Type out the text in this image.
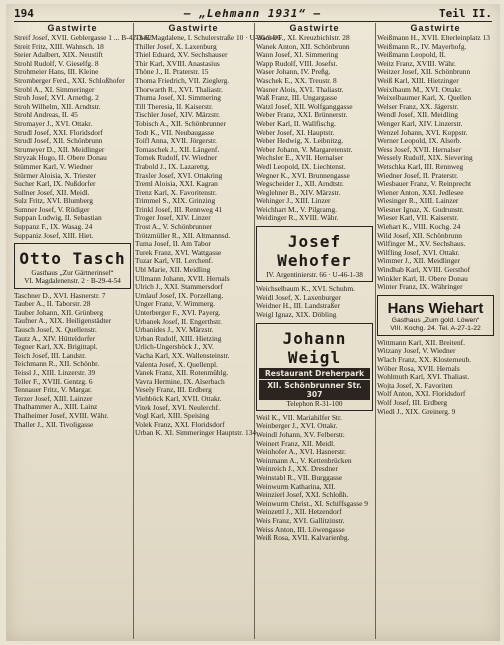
194	– „Lehmann 1931“ –	Teil II.
Gastwirte
Streif Josef, XVII. Geblergasse 1 ... B-42-3-62
Streit Fritz, XIII. Wahnsch. 18
Steier Adalbert, XIX. Neustift
Strohl Rudolf, V. Gieselfg. 8
Strohmeier Hans, III. Kleine
Stromberger Ferd., XXI. Schloßhofer
Strobl A., XI. Simmeringer
Stroh Josef, XVI. Arnethg. 2
Stroh Wilhelm, XII. Arndtstr.
Strohl Andreas, II. 45
Stromayer J., XVI. Ottakr.
Strudl Josef, XXI. Floridsdorf
Strudl Josef, XII. Schönbrunn
Strumeyer D., XII. Meidlinger
Stryzak Hugo, II. Obere Donau
Stümmer Karl, V. Wiedner
Stürmer Aloisia, X. Triester
Sucher Karl, IX. Nußdorfer
Sullner Josef, XII. Meidl.
Sulz Fritz, XVI. Blumberg
Sumner Josef, V. Rüdiger
Suppan Ludwig, II. Sebastian
Suppanz F., IX. Wasag. 24
Suppaniz Josef, XIII. Hiet.
Otto Tasch
Gasthaus „Zur Gärtnerinsel“
VI. Magdalenenstr. 2 · B-29-4-54
Taschner D., XVI. Hasnerstr. 7
Tauber A., II. Taborstr. 28
Tauber Johann, XII. Grünberg
Taufner A., XIX. Heiligenstädter
Tausch Josef, X. Quellenstr.
Tautz A., XIV. Hütteldorfer
Tegner Karl, XX. Brigittapl.
Teich Josef, III. Landstr.
Teichmann R., XII. Schönbr.
Teissl J., XIII. Linzerstr. 39
Teller F., XVIII. Gentzg. 6
Tennauer Fritz, V. Margar.
Terzer Josef, XIII. Lainzer
Thalhammer A., XIII. Lainz
Thalheimer Josef, XVIII. Währ.
Thaller J., XII. Tivoligasse
Gastwirte
Thill Magdalene, I. Schulerstraße 10 · U-26-9-96
Thiller Josef, X. Laxenburg
Thiel Eduard, XV. Sechshauser
Thir Karl, XVIII. Anastasius
Thöne J., II. Praterstr. 15
Thoma Friedrich, VII. Zieglerg.
Thorwarth R., XVI. Thaliastr.
Thuma Josef, XI. Simmering
Till Theresia, II. Kaiserstr.
Tischler Josef, XIV. Märzstr.
Tobisch A., XII. Schönbrunner
Todt K., VII. Neubaugasse
Toifl Anna, XVII. Jörgerstr.
Tomaschek J., XII. Längenf.
Tomek Rudolf, IV. Wiedner
Trabold J., IX. Lazarettg.
Traxler Josef, XVI. Ottakring
Treml Aloisia, XXI. Kagran
Trenz Karl, X. Favoritenstr.
Trimmel S., XIX. Grinzing
Trinkl Josef, III. Rennweg 41
Troger Josef, XIV. Linzer
Trost A., V. Schönbrunner
Trötzmüller R., XII. Altmannsd.
Tuma Josef, II. Am Tabor
Turek Franz, XVI. Wattgasse
Tuzar Karl, VII. Lerchenf.
Ubl Marie, XII. Meidling
Ullmann Johann, XVII. Hernals
Ulrich J., XXI. Stammersdorf
Umlauf Josef, IX. Porzellang.
Unger Franz, V. Wimmerg.
Unterberger F., XVI. Payerg.
Urbanek Josef, II. Engerthstr.
Urbanides J., XV. Märzstr.
Urban Rudolf, XIII. Hietzing
Urlich-Ungersböck J., XV.
Vacha Karl, XX. Wallensteinstr.
Valenta Josef, X. Quellenpl.
Vanek Franz, XII. Rotenmühlg.
Vavra Hermine, IX. Alserbach
Vesely Franz, III. Erdberg
Viehböck Karl, XVII. Ottakr.
Vitek Josef, XVI. Neulerchf.
Vogl Karl, XIII. Speising
Volek Franz, XXI. Floridsdorf
Urban K. XI. Simmeringer Hauptstr. 134
Gastwirte
Wanek F., XI. Kreuzbichlstr. 28
Wanek Anton, XII. Schönbrunn
Wann Josef, XI. Simmering
Wapp Rudolf, VIII. Josefst.
Waser Johann, IV. Preßg.
Waschek E., XX. Treustr. 8
Wasner Alois, XVI. Thaliastr.
Waß Franz, III. Ungargasse
Watzl Josef, XII. Wolfganggasse
Weber Franz, XXI. Brünnerstr.
Weber Karl, II. Wallfischg.
Weber Josef, XI. Hauptstr.
Weber Hedwig, X. Leibnitzg.
Weber Johann, V. Margaretenstr.
Wechsler E., XVII. Hernalser
Wedl Leopold, IX. Liechtenst.
Wegner K., XVI. Brunnengasse
Wegscheider J., XII. Arndtstr.
Weglehner B., XIV. Märzstr.
Wehinger J., XIII. Linzer
Weichhart M., V. Pilgramg.
Weidinger R., XVIII. Währ.
Josef Wehofer
IV. Argentinierstr. 66 · U-46-1-38
Weichselbaum K., XVI. Schuhm.
Weidl Josef, X. Laxenburger
Weidner H., III. Landstraßer
Weigl Ignaz, XIX. Döbling
Johann Weigl
Restaurant Dreherpark
XII. Schönbrunner Str. 307
Telephon R-31-100
Weil K., VII. Mariahilfer Str.
Weinberger J., XVI. Ottakr.
Weindl Johann, XV. Felberstr.
Weinert Franz, XII. Meidl.
Weinhofer A., XVI. Hasnerstr.
Weinmann A., V. Kettenbrücken
Weinreich J., XX. Dresdner
Weinstabl R., VII. Burggasse
Weinwurm Katharina, XII.
Weinzierl Josef, XXI. Schloßh.
Weinwurm Christ., XI. Schiffsgasse 9
Weinzettl J., XII. Hetzendorf
Weis Franz, XVI. Gallitzinstr.
Weiss Anton, III. Löwengasse
Weiß Rosa, XVII. Kalvarienbg.
Gastwirte
Weißmann H., XVII. Elterleinplatz 13
Weißmann R., IV. Mayerhofg.
Weißmann Leopold, II.
Weitz Franz, XVIII. Währ.
Weitzer Josef, XII. Schönbrunn
Weiß Karl, XIII. Hietzinger
Weixlbaum M., XVI. Ottakr.
Weixelbaumer Karl, X. Quellen
Welser Franz, XX. Jägerstr.
Wendl Josef, XII. Meidling
Wenger Karl, XIV. Linzerstr.
Wenzel Johann, XVI. Koppstr.
Werner Leopold, IX. Alserb.
Wess Josef, XVII. Hernalser
Wessely Rudolf, XIX. Sievering
Wetschka Karl, III. Rennweg
Wiedner Josef, II. Praterstr.
Wiesbauer Franz, V. Reinprecht
Wiener Anton, XXI. Jedlesee
Wiesinger R., XIII. Lainzer
Wiesner Ignaz, X. Gudrunstr.
Wieser Karl, VII. Kaiserstr.
Wiehart K., VIII. Kochg. 24
Wild Josef, XII. Schönbrunn
Wilfinger M., XV. Sechshaus.
Wilfling Josef, XVI. Ottakr.
Wimmer J., XII. Meidlinger
Windhab Karl, XVIII. Gersthof
Winkler Karl, II. Obere Donau
Winter Franz, IX. Währinger
Hans Wiehart
Gasthaus „Zum gold. Löwen“
VIII. Kochg. 24. Tel. A-27-1-22
Wittmann Karl, XII. Breitenf.
Witzany Josef, V. Wiedner
Wlach Franz, XX. Klosterneub.
Wöber Rosa, XVII. Hernals
Wohlmuth Karl, XVI. Thaliast.
Wojta Josef, X. Favoriten
Wolf Anton, XXI. Floridsdorf
Wolf Josef, III. Erdberg
Wiedl J., XIX. Greinerg. 9
